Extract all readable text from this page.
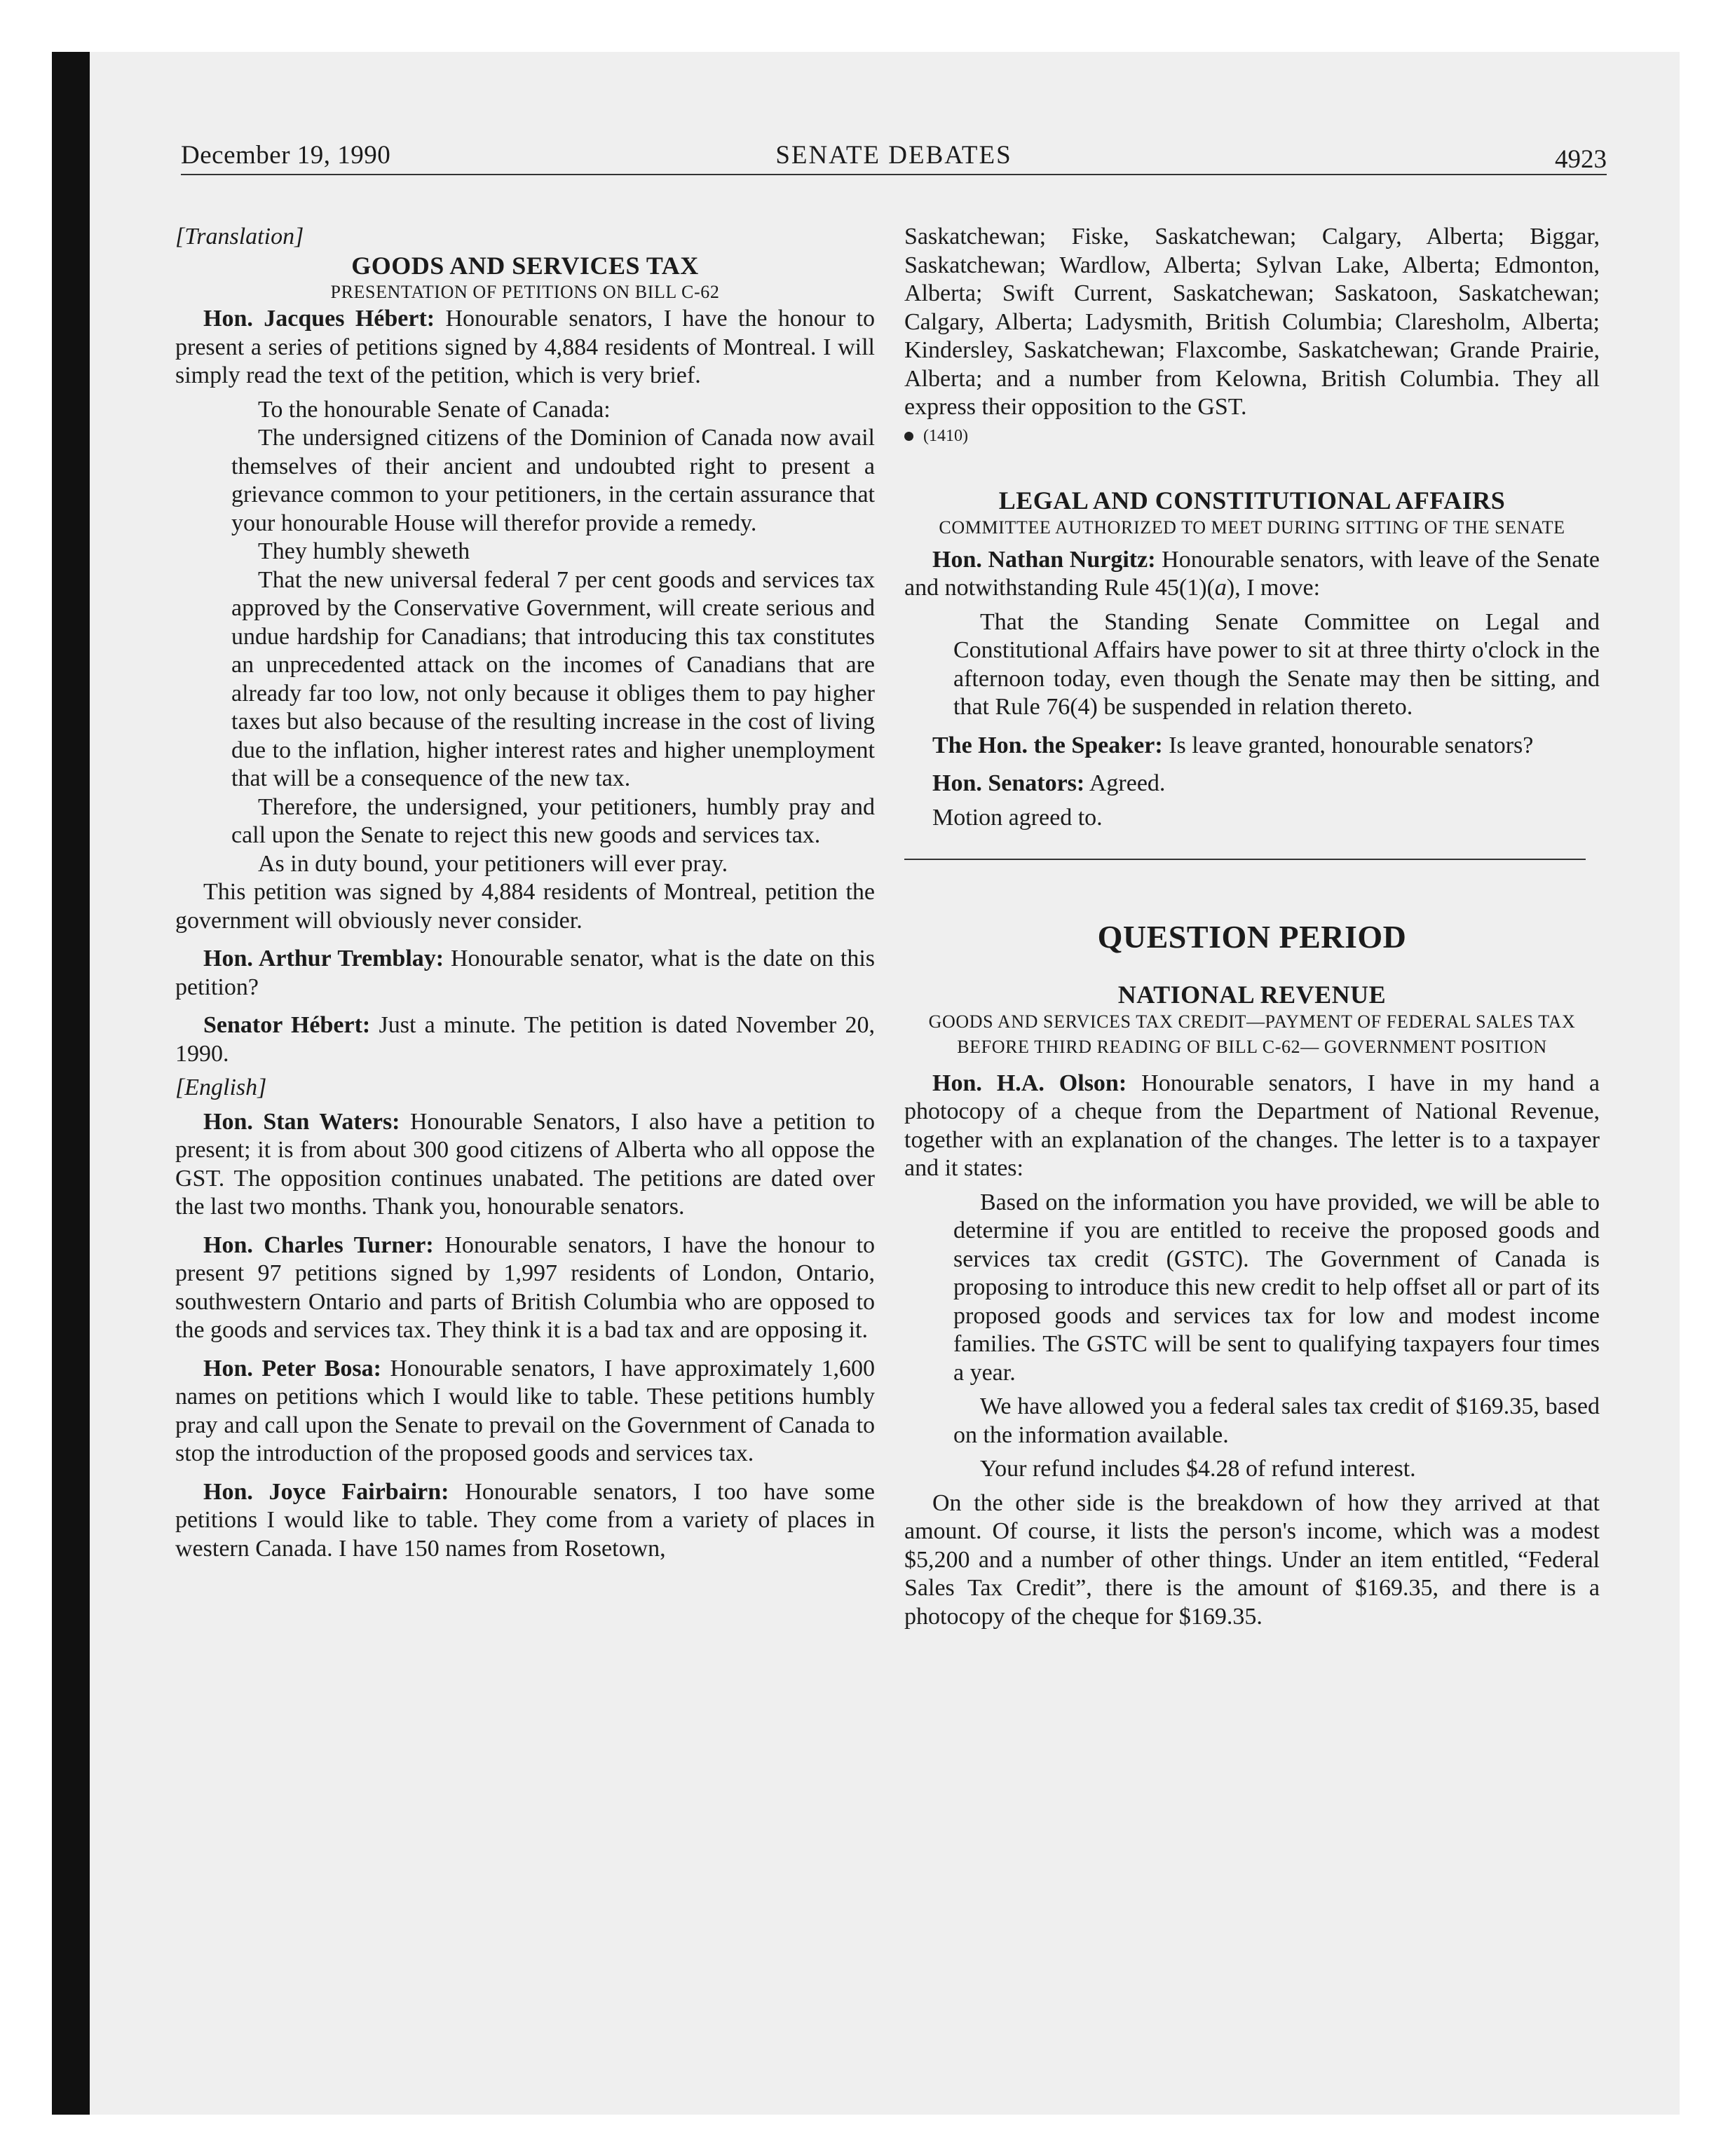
December 19, 1990	SENATE DEBATES	4923

[Translation]

GOODS AND SERVICES TAX

PRESENTATION OF PETITIONS ON BILL C-62

Hon. Jacques Hébert: Honourable senators, I have the honour to present a series of petitions signed by 4,884 residents of Montreal. I will simply read the text of the petition, which is very brief.

To the honourable Senate of Canada:

The undersigned citizens of the Dominion of Canada now avail themselves of their ancient and undoubted right to present a grievance common to your petitioners, in the certain assurance that your honourable House will therefor provide a remedy.

They humbly sheweth

That the new universal federal 7 per cent goods and services tax approved by the Conservative Government, will create serious and undue hardship for Canadians; that introducing this tax constitutes an unprecedented attack on the incomes of Canadians that are already far too low, not only because it obliges them to pay higher taxes but also because of the resulting increase in the cost of living due to the inflation, higher interest rates and higher unemployment that will be a consequence of the new tax.

Therefore, the undersigned, your petitioners, humbly pray and call upon the Senate to reject this new goods and services tax.

As in duty bound, your petitioners will ever pray.

This petition was signed by 4,884 residents of Montreal, petition the government will obviously never consider.

Hon. Arthur Tremblay: Honourable senator, what is the date on this petition?

Senator Hébert: Just a minute. The petition is dated November 20, 1990.

[English]

Hon. Stan Waters: Honourable Senators, I also have a petition to present; it is from about 300 good citizens of Alberta who all oppose the GST. The opposition continues unabated. The petitions are dated over the last two months. Thank you, honourable senators.

Hon. Charles Turner: Honourable senators, I have the honour to present 97 petitions signed by 1,997 residents of London, Ontario, southwestern Ontario and parts of British Columbia who are opposed to the goods and services tax. They think it is a bad tax and are opposing it.

Hon. Peter Bosa: Honourable senators, I have approximately 1,600 names on petitions which I would like to table. These petitions humbly pray and call upon the Senate to prevail on the Government of Canada to stop the introduction of the proposed goods and services tax.

Hon. Joyce Fairbairn: Honourable senators, I too have some petitions I would like to table. They come from a variety of places in western Canada. I have 150 names from Rosetown,

Saskatchewan; Fiske, Saskatchewan; Calgary, Alberta; Biggar, Saskatchewan; Wardlow, Alberta; Sylvan Lake, Alberta; Edmonton, Alberta; Swift Current, Saskatchewan; Saskatoon, Saskatchewan; Calgary, Alberta; Ladysmith, British Columbia; Claresholm, Alberta; Kindersley, Saskatchewan; Flaxcombe, Saskatchewan; Grande Prairie, Alberta; and a number from Kelowna, British Columbia. They all express their opposition to the GST.

(1410)

LEGAL AND CONSTITUTIONAL AFFAIRS

COMMITTEE AUTHORIZED TO MEET DURING SITTING OF THE SENATE

Hon. Nathan Nurgitz: Honourable senators, with leave of the Senate and notwithstanding Rule 45(1)(a), I move:

That the Standing Senate Committee on Legal and Constitutional Affairs have power to sit at three thirty o'clock in the afternoon today, even though the Senate may then be sitting, and that Rule 76(4) be suspended in relation thereto.

The Hon. the Speaker: Is leave granted, honourable senators?

Hon. Senators: Agreed.

Motion agreed to.

QUESTION PERIOD

NATIONAL REVENUE

GOODS AND SERVICES TAX CREDIT—PAYMENT OF FEDERAL SALES TAX BEFORE THIRD READING OF BILL C-62— GOVERNMENT POSITION

Hon. H.A. Olson: Honourable senators, I have in my hand a photocopy of a cheque from the Department of National Revenue, together with an explanation of the changes. The letter is to a taxpayer and it states:

Based on the information you have provided, we will be able to determine if you are entitled to receive the proposed goods and services tax credit (GSTC). The Government of Canada is proposing to introduce this new credit to help offset all or part of its proposed goods and services tax for low and modest income families. The GSTC will be sent to qualifying taxpayers four times a year.

We have allowed you a federal sales tax credit of $169.35, based on the information available.

Your refund includes $4.28 of refund interest.

On the other side is the breakdown of how they arrived at that amount. Of course, it lists the person's income, which was a modest $5,200 and a number of other things. Under an item entitled, “Federal Sales Tax Credit”, there is the amount of $169.35, and there is a photocopy of the cheque for $169.35.
